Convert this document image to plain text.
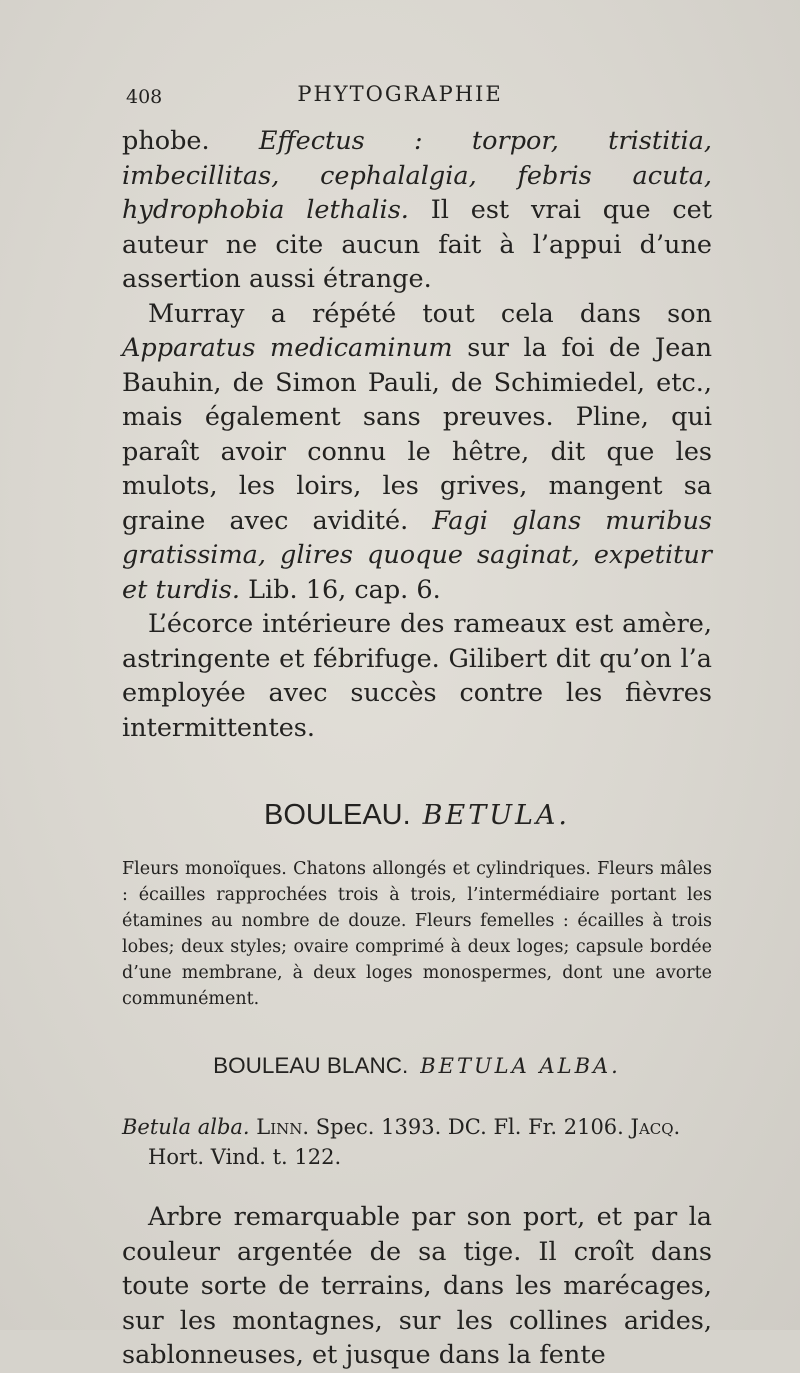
408	PHYTOGRAPHIE

phobe. Effectus : torpor, tristitia, imbecillitas, cephalalgia, febris acuta, hydrophobia lethalis. Il est vrai que cet auteur ne cite aucun fait à l’appui d’une assertion aussi étrange.

Murray a répété tout cela dans son Apparatus medicaminum sur la foi de Jean Bauhin, de Simon Pauli, de Schimiedel, etc., mais également sans preuves. Pline, qui paraît avoir connu le hêtre, dit que les mulots, les loirs, les grives, mangent sa graine avec avidité. Fagi glans muribus gratissima, glires quoque saginat, expetitur et turdis. Lib. 16, cap. 6.

L’écorce intérieure des rameaux est amère, astringente et fébrifuge. Gilibert dit qu’on l’a employée avec succès contre les fièvres intermittentes.

BOULEAU. BETULA.

Fleurs monoïques. Chatons allongés et cylindriques. Fleurs mâles : écailles rapprochées trois à trois, l’intermédiaire portant les étamines au nombre de douze. Fleurs femelles : écailles à trois lobes; deux styles; ovaire comprimé à deux loges; capsule bordée d’une membrane, à deux loges monospermes, dont une avorte communément.

BOULEAU BLANC. BETULA ALBA.

Betula alba. Linn. Spec. 1393. DC. Fl. Fr. 2106. Jacq. Hort. Vind. t. 122.

Arbre remarquable par son port, et par la couleur argentée de sa tige. Il croît dans toute sorte de terrains, dans les marécages, sur les montagnes, sur les collines arides, sablonneuses, et jusque dans la fente
